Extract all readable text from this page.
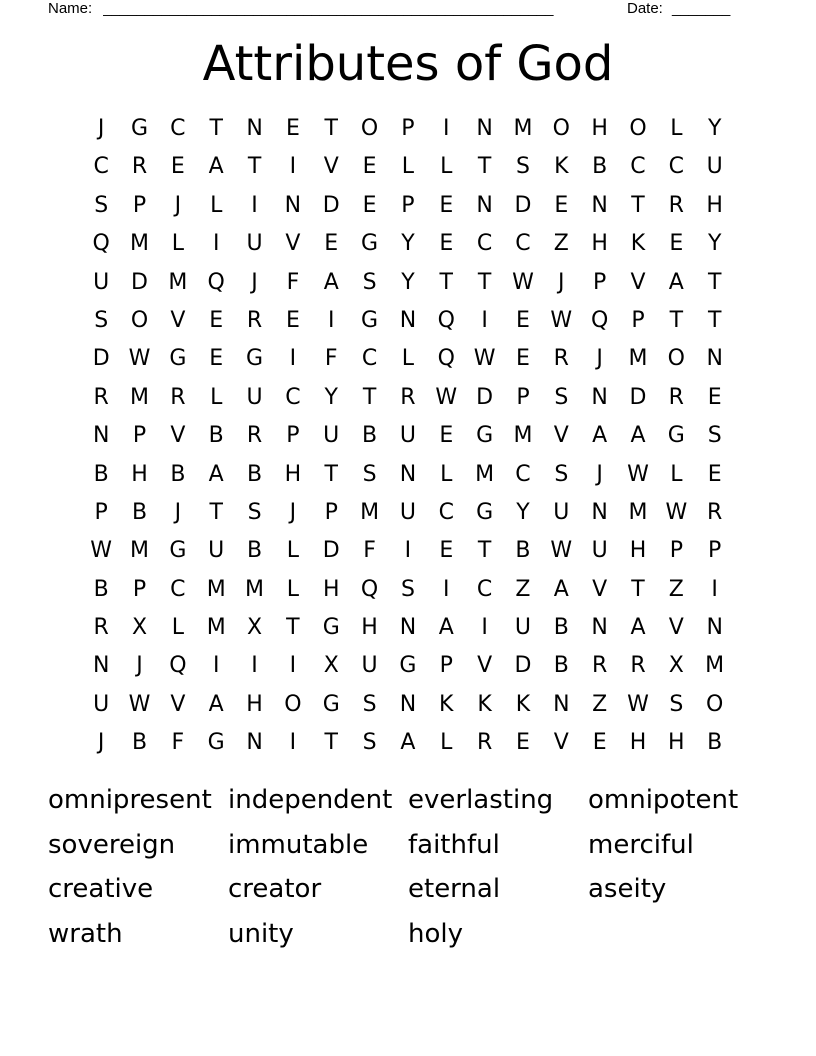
Name: ______________________________________________________	Date: _______
Attributes of God
J	G	C	T	N	E	T	O	P	I	N M O H O	L	Y
C	R	E	A	T	I	V	E	L	L	T	S	K	B	C	C	U
S	P	J	L	I	N D	E	P	E	N D	E	N	T	R	H
Q M	L	I	U	V	E	G	Y	E	C	C	Z	H	K	E	Y
U D M Q	J	F	A	S	Y	T	T W	J	P	V	A	T
S	O	V	E	R	E	I	G N Q	I	E W Q	P	T	T
D W G	E	G	I	F	C	L	Q W E	R	J	M O N
R M R	L	U	C	Y	T	R W D	P	S	N D	R	E
N	P	V	B	R	P	U	B	U	E	G M V	A	A	G	S
B	H	B	A	B	H	T	S	N	L	M C	S	J	W L	E
P	B	J	T	S	J	P	M U	C	G	Y	U	N M W R
W M G U	B	L	D	F	I	E	T	B W U	H	P	P
B	P	C M M	L	H Q	S	I	C	Z	A	V	T	Z	I
R	X	L	M X	T	G H N	A	I	U	B	N	A	V	N
N	J	Q	I	I	I	X	U G	P	V	D	B	R	R	X M
U W V	A	H O G	S	N	K	K	K	N	Z W S	O
J	B	F	G N	I	T	S	A	L	R	E	V	E	H H	B
omnipresent independent everlasting	omnipotent
sovereign	immutable	faithful	merciful
creative	creator	eternal	aseity
wrath	unity	holy
